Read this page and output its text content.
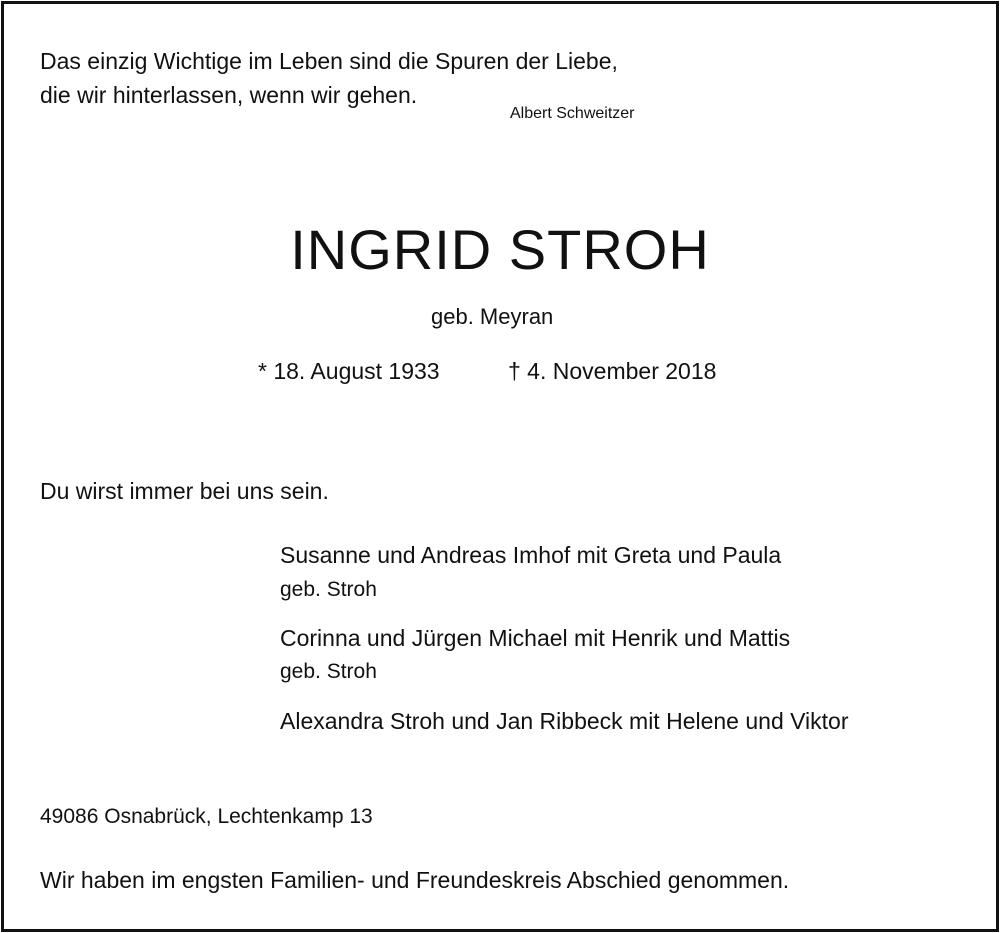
Das einzig Wichtige im Leben sind die Spuren der Liebe,
die wir hinterlassen, wenn wir gehen.
Albert Schweitzer
INGRID STROH
geb. Meyran
* 18. August 1933	† 4. November 2018
Du wirst immer bei uns sein.
Susanne und Andreas Imhof mit Greta und Paula
geb. Stroh
Corinna und Jürgen Michael mit Henrik und Mattis
geb. Stroh
Alexandra Stroh und Jan Ribbeck mit Helene und Viktor
49086 Osnabrück, Lechtenkamp 13
Wir haben im engsten Familien- und Freundeskreis Abschied genommen.
